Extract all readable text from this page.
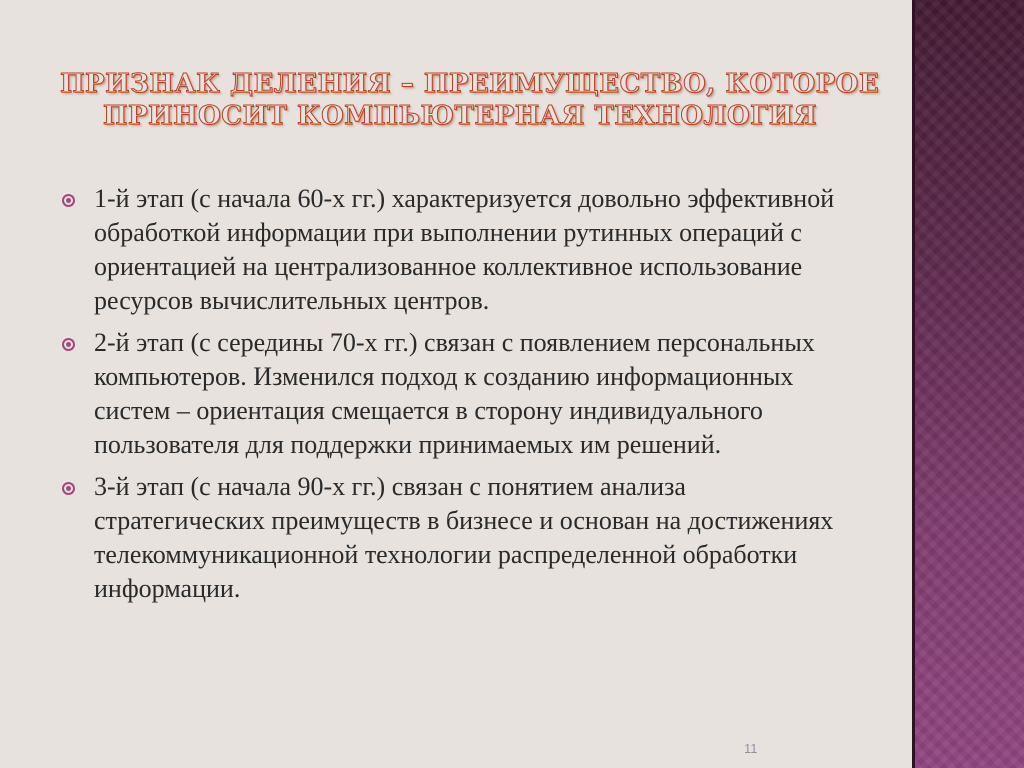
ПРИЗНАК ДЕЛЕНИЯ – ПРЕИМУЩЕСТВО, КОТОРОЕ
ПРИНОСИТ КОМПЬЮТЕРНАЯ ТЕХНОЛОГИЯ
1-й этап (с начала 60-х гг.) характеризуется довольно эффективной обработкой информации при выполнении рутинных операций с ориентацией на централизованное коллективное использование ресурсов вычислительных центров.
2-й этап (с середины 70-х гг.) связан с появлением персональных компьютеров. Изменился подход к созданию информационных систем – ориентация смещается в сторону индивидуального пользователя для поддержки принимаемых им решений.
3-й этап (с начала 90-х гг.) связан с понятием анализа стратегических преимуществ в бизнесе и основан на достижениях телекоммуникационной технологии распределенной обработки информации.
11
